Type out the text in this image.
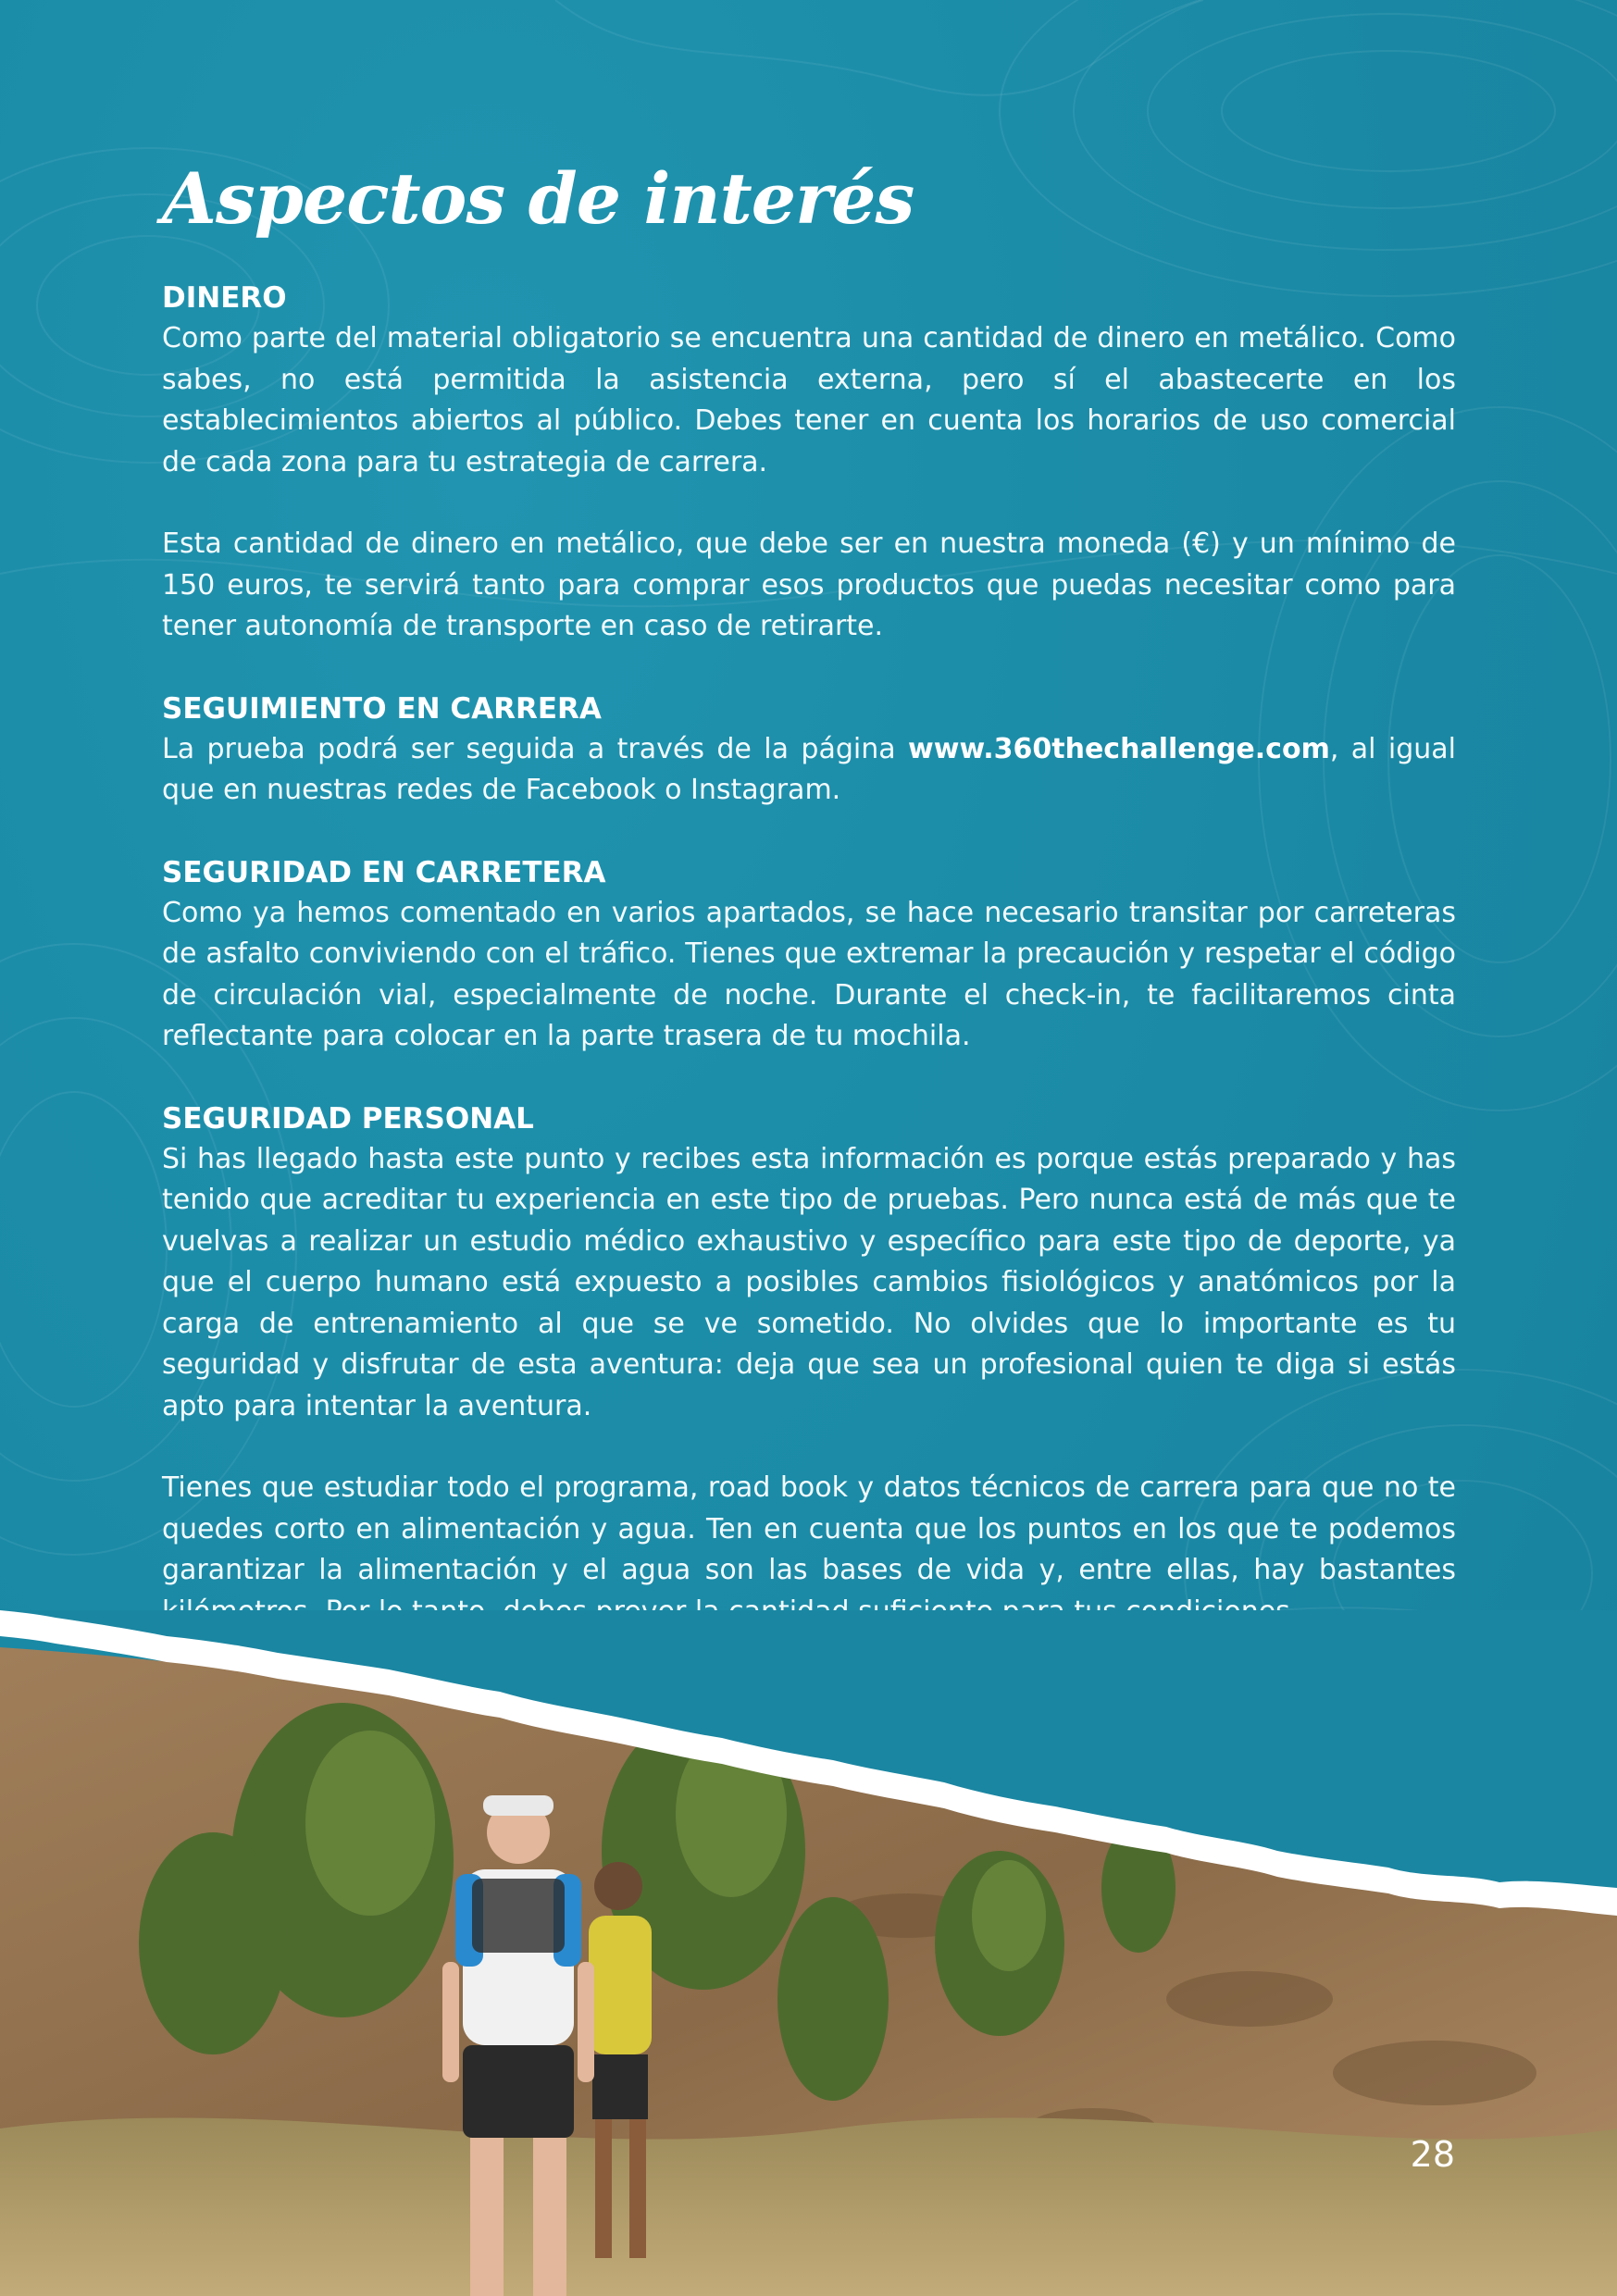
Aspectos de interés

DINERO

Como parte del material obligatorio se encuentra una cantidad de dinero en metálico. Como sabes, no está permitida la asistencia externa, pero sí el abastecerte en los establecimientos abiertos al público. Debes tener en cuenta los horarios de uso comercial de cada zona para tu estrategia de carrera.

Esta cantidad de dinero en metálico, que debe ser en nuestra moneda (€) y un mínimo de 150 euros, te servirá tanto para comprar esos productos que puedas necesitar como para tener autonomía de transporte en caso de retirarte.

SEGUIMIENTO EN CARRERA

La prueba podrá ser seguida a través de la página www.360thechallenge.com, al igual que en nuestras redes de Facebook o Instagram.

SEGURIDAD EN CARRETERA

Como ya hemos comentado en varios apartados, se hace necesario transitar por carreteras de asfalto conviviendo con el tráfico. Tienes que extremar la precaución y respetar el código de circulación vial, especialmente de noche. Durante el check-in, te facilitaremos cinta reflectante para colocar en la parte trasera de tu mochila.

SEGURIDAD PERSONAL

Si has llegado hasta este punto y recibes esta información es porque estás preparado y has tenido que acreditar tu experiencia en este tipo de pruebas. Pero nunca está de más que te vuelvas a realizar un estudio médico exhaustivo y específico para este tipo de deporte, ya que el cuerpo humano está expuesto a posibles cambios fisiológicos y anatómicos por la carga de entrenamiento al que se ve sometido. No olvides que lo importante es tu seguridad y disfrutar de esta aventura: deja que sea un profesional quien te diga si estás apto para intentar la aventura.

Tienes que estudiar todo el programa, road book y datos técnicos de carrera para que no te quedes corto en alimentación y agua. Ten en cuenta que los puntos en los que te podemos garantizar la alimentación y el agua son las bases de vida y, entre ellas, hay bastantes

28
